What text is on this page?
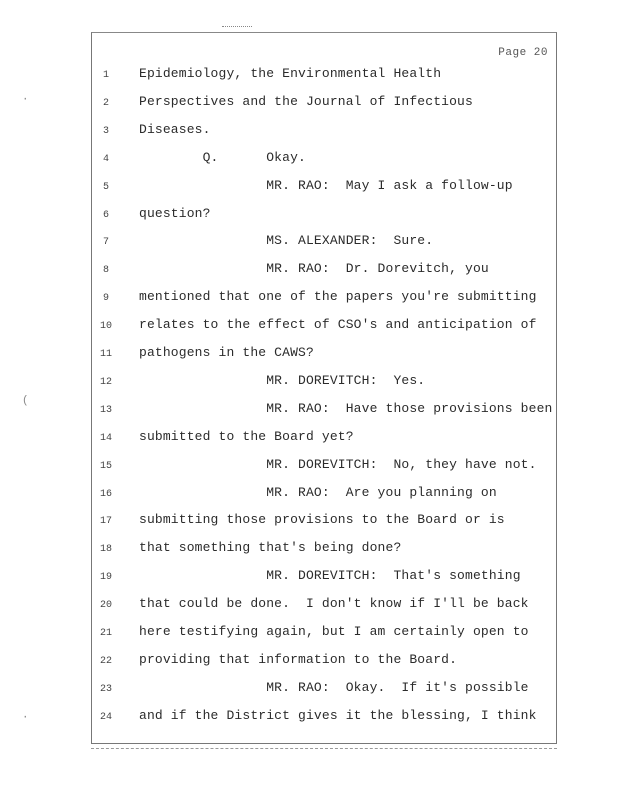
Page 20
1	Epidemiology, the Environmental Health
2	Perspectives and the Journal of Infectious
3	Diseases.
4	Q.      Okay.
5	MR. RAO:  May I ask a follow-up
6	question?
7	MS. ALEXANDER:  Sure.
8	MR. RAO:  Dr. Dorevitch, you
9	mentioned that one of the papers you're submitting
10	relates to the effect of CSO's and anticipation of
11	pathogens in the CAWS?
12	MR. DOREVITCH:  Yes.
13	MR. RAO:  Have those provisions been
14	submitted to the Board yet?
15	MR. DOREVITCH:  No, they have not.
16	MR. RAO:  Are you planning on
17	submitting those provisions to the Board or is
18	that something that's being done?
19	MR. DOREVITCH:  That's something
20	that could be done.  I don't know if I'll be back
21	here testifying again, but I am certainly open to
22	providing that information to the Board.
23	MR. RAO:  Okay.  If it's possible
24	and if the District gives it the blessing, I think
·
(
·
